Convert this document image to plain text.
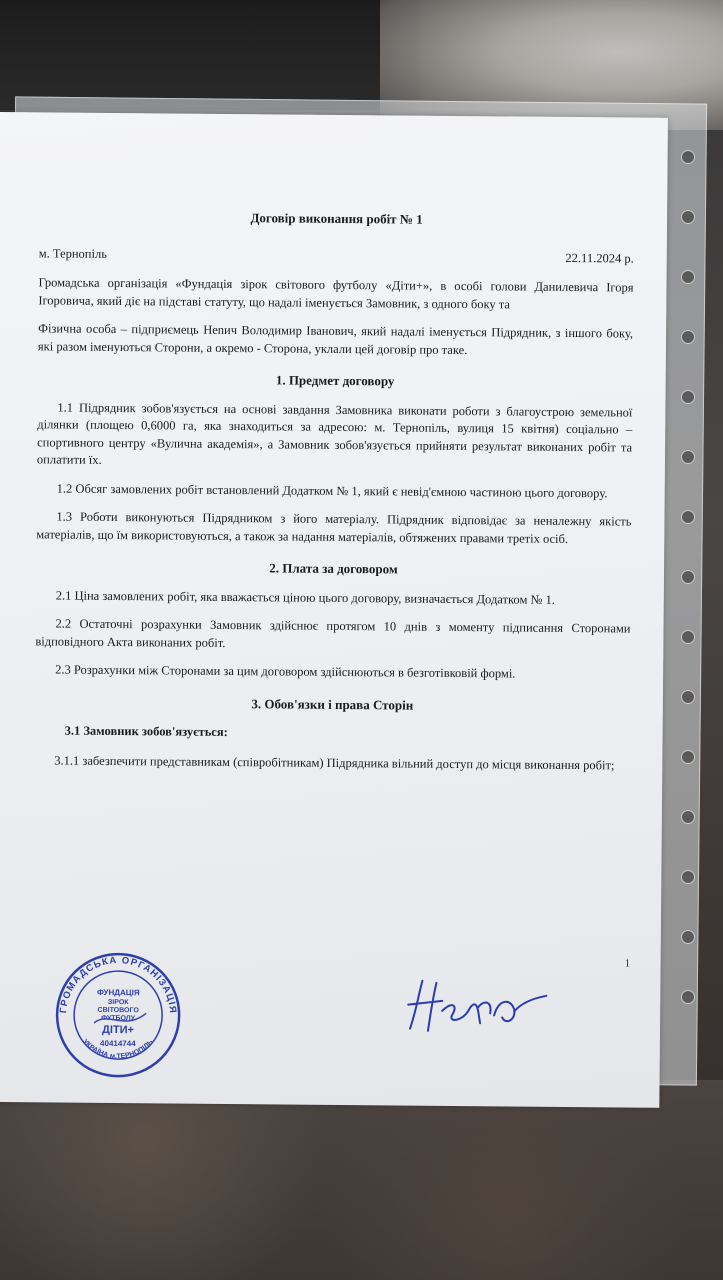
Договір виконання робіт № 1
м. Тернопіль	22.11.2024 р.

Громадська організація «Фундація зірок світового футболу «Діти+», в особі голови Данилевича Ігоря Ігоровича, який діє на підставі статуту, що надалі іменується Замовник, з одного боку та

Фізична особа – підприємець Нenич Володимир Іванович, який надалі іменується Підрядник, з іншого боку, які разом іменуються Сторони, а окремо - Сторона, уклали цей договір про таке.

1. Предмет договору

1.1 Підрядник зобов'язується на основі завдання Замовника виконати роботи з благоустрою земельної ділянки (площею 0,6000 га, яка знаходиться за адресою: м. Тернопіль, вулиця 15 квітня) соціально – спортивного центру «Вулична академія», а Замовник зобов'язується прийняти результат виконаних робіт та оплатити їх.

1.2 Обсяг замовлених робіт встановлений Додатком № 1, який є невід'ємною частиною цього договору.

1.3 Роботи виконуються Підрядником з його матеріалу. Підрядник відповідає за неналежну якість матеріалів, що їм використовуються, а також за надання матеріалів, обтяжених правами третіх осіб.

2. Плата за договором

2.1 Ціна замовлених робіт, яка вважається ціною цього договору, визначається Додатком № 1.

2.2 Остаточні розрахунки Замовник здійснює протягом 10 днів з моменту підписання Сторонами відповідного Акта виконаних робіт.

2.3 Розрахунки між Сторонами за цим договором здійснюються в безготівковій формі.

3. Обов'язки і права Сторін

3.1 Замовник зобов'язується:

3.1.1 забезпечити представникам (співробітникам) Підрядника вільний доступ до місця виконання робіт;

1
ГРОМАДСЬКА ОРГАНІЗАЦІЯ
УКРАЇНА м.ТЕРНОПІЛЬ
ФУНДАЦІЯ
ЗІРОК
СВІТОВОГО
ФУТБОЛУ
ДІТИ+
40414744
